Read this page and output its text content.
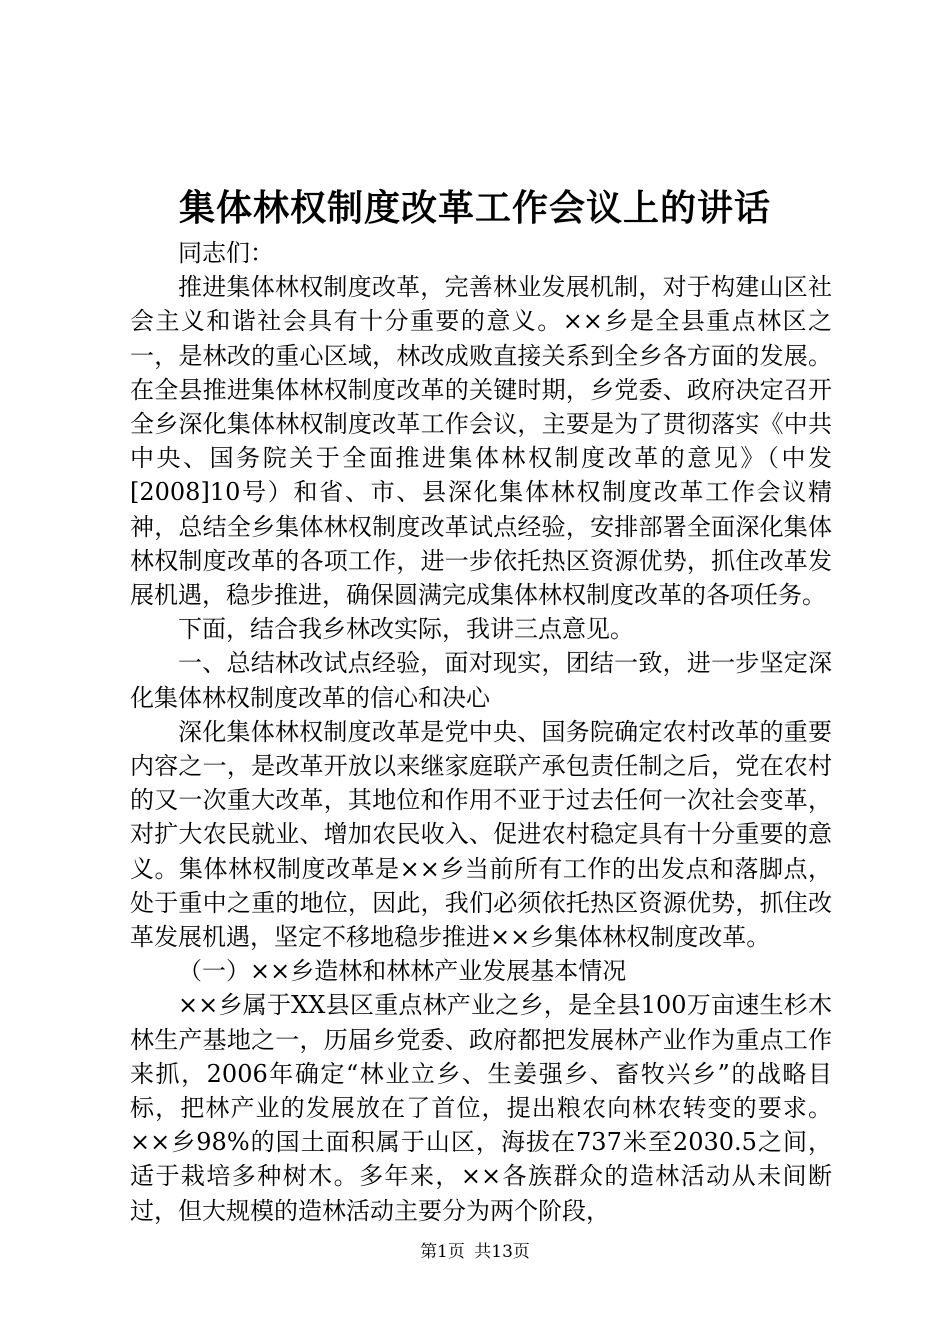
集体林权制度改革工作会议上的讲话

同志们：

推进集体林权制度改革，完善林业发展机制，对于构建山区社会主义和谐社会具有十分重要的意义。××乡是全县重点林区之一，是林改的重心区域，林改成败直接关系到全乡各方面的发展。在全县推进集体林权制度改革的关键时期，乡党委、政府决定召开全乡深化集体林权制度改革工作会议，主要是为了贯彻落实《中共中央、国务院关于全面推进集体林权制度改革的意见》（中发[2008]10号）和省、市、县深化集体林权制度改革工作会议精神，总结全乡集体林权制度改革试点经验，安排部署全面深化集体林权制度改革的各项工作，进一步依托热区资源优势，抓住改革发展机遇，稳步推进，确保圆满完成集体林权制度改革的各项任务。

下面，结合我乡林改实际，我讲三点意见。

一、总结林改试点经验，面对现实，团结一致，进一步坚定深化集体林权制度改革的信心和决心

深化集体林权制度改革是党中央、国务院确定农村改革的重要内容之一，是改革开放以来继家庭联产承包责任制之后，党在农村的又一次重大改革，其地位和作用不亚于过去任何一次社会变革，对扩大农民就业、增加农民收入、促进农村稳定具有十分重要的意义。集体林权制度改革是××乡当前所有工作的出发点和落脚点，处于重中之重的地位，因此，我们必须依托热区资源优势，抓住改革发展机遇，坚定不移地稳步推进××乡集体林权制度改革。

（一）××乡造林和林林产业发展基本情况

××乡属于XX县区重点林产业之乡，是全县100万亩速生杉木林生产基地之一，历届乡党委、政府都把发展林产业作为重点工作来抓，2006年确定“林业立乡、生姜强乡、畜牧兴乡”的战略目标，把林产业的发展放在了首位，提出粮农向林农转变的要求。××乡98%的国土面积属于山区，海拔在737米至2030.5之间，适于栽培多种树木。多年来，××各族群众的造林活动从未间断过，但大规模的造林活动主要分为两个阶段，

第1页 共13页
